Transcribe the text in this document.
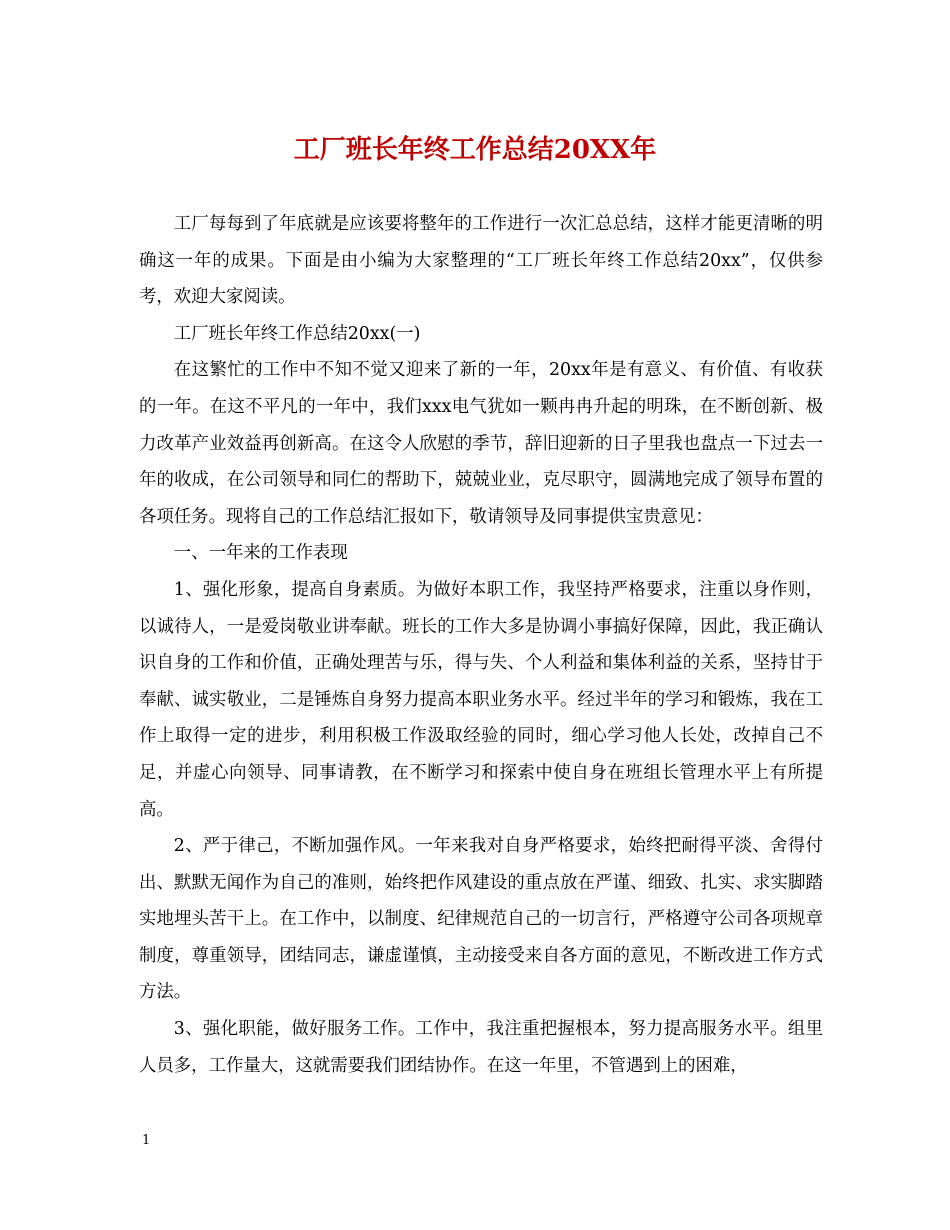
工厂班长年终工作总结20XX年

工厂每每到了年底就是应该要将整年的工作进行一次汇总总结，这样才能更清晰的明确这一年的成果。下面是由小编为大家整理的“工厂班长年终工作总结20xx”，仅供参考，欢迎大家阅读。

工厂班长年终工作总结20xx(一)

在这繁忙的工作中不知不觉又迎来了新的一年，20xx年是有意义、有价值、有收获的一年。在这不平凡的一年中，我们xxx电气犹如一颗冉冉升起的明珠，在不断创新、极力改革产业效益再创新高。在这令人欣慰的季节，辞旧迎新的日子里我也盘点一下过去一年的收成，在公司领导和同仁的帮助下，兢兢业业，克尽职守，圆满地完成了领导布置的各项任务。现将自己的工作总结汇报如下，敬请领导及同事提供宝贵意见：

一、一年来的工作表现

1、强化形象，提高自身素质。为做好本职工作，我坚持严格要求，注重以身作则，以诚待人，一是爱岗敬业讲奉献。班长的工作大多是协调小事搞好保障，因此，我正确认识自身的工作和价值，正确处理苦与乐，得与失、个人利益和集体利益的关系，坚持甘于奉献、诚实敬业，二是锤炼自身努力提高本职业务水平。经过半年的学习和锻炼，我在工作上取得一定的进步，利用积极工作汲取经验的同时，细心学习他人长处，改掉自己不足，并虚心向领导、同事请教，在不断学习和探索中使自身在班组长管理水平上有所提高。

2、严于律己，不断加强作风。一年来我对自身严格要求，始终把耐得平淡、舍得付出、默默无闻作为自己的准则，始终把作风建设的重点放在严谨、细致、扎实、求实脚踏实地埋头苦干上。在工作中，以制度、纪律规范自己的一切言行，严格遵守公司各项规章制度，尊重领导，团结同志，谦虚谨慎，主动接受来自各方面的意见，不断改进工作方式方法。

3、强化职能，做好服务工作。工作中，我注重把握根本，努力提高服务水平。组里人员多，工作量大，这就需要我们团结协作。在这一年里，不管遇到上的困难，

1
